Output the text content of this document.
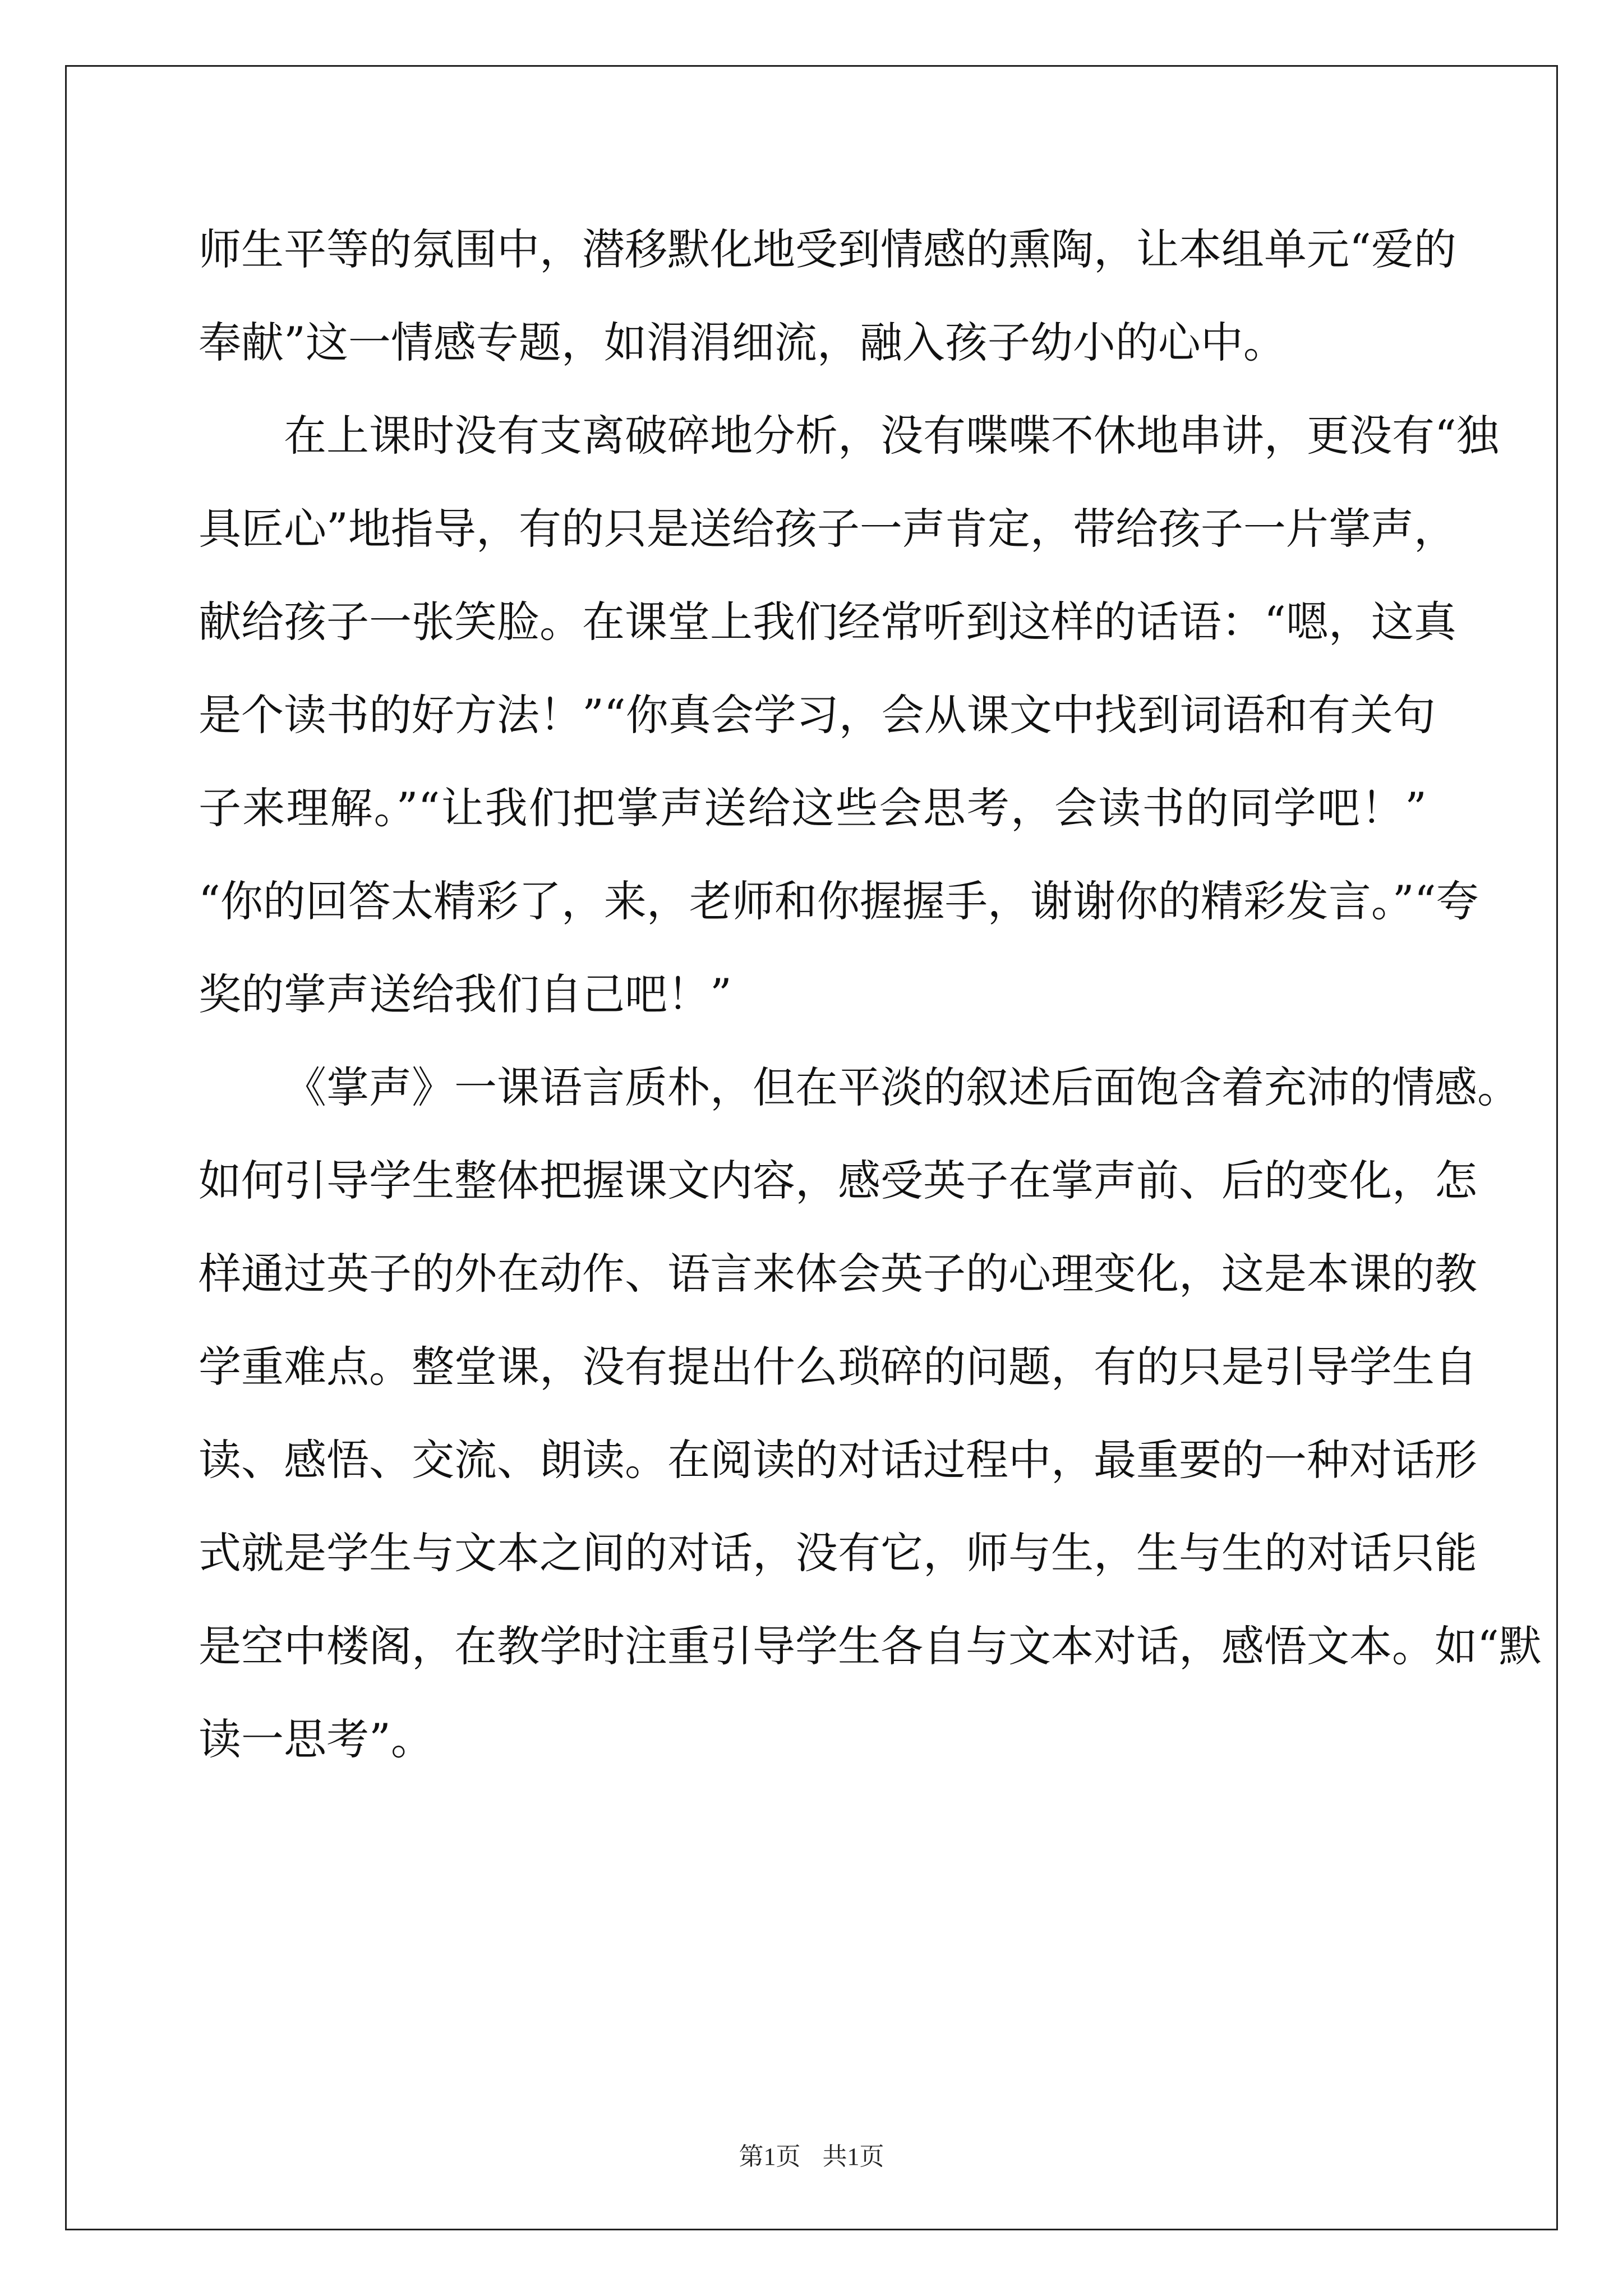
师生平等的氛围中，潜移默化地受到情感的熏陶，让本组单元“爱的
奉献”这一情感专题，如涓涓细流，融入孩子幼小的心中。
在上课时没有支离破碎地分析，没有喋喋不休地串讲，更没有“独
具匠心”地指导，有的只是送给孩子一声肯定，带给孩子一片掌声，
献给孩子一张笑脸。在课堂上我们经常听到这样的话语：“嗯，这真
是个读书的好方法！”“你真会学习，会从课文中找到词语和有关句
子来理解。”“让我们把掌声送给这些会思考，会读书的同学吧！”
“你的回答太精彩了，来，老师和你握握手，谢谢你的精彩发言。”“夸
奖的掌声送给我们自己吧！”
《掌声》一课语言质朴，但在平淡的叙述后面饱含着充沛的情感。
如何引导学生整体把握课文内容，感受英子在掌声前、后的变化，怎
样通过英子的外在动作、语言来体会英子的心理变化，这是本课的教
学重难点。整堂课，没有提出什么琐碎的问题，有的只是引导学生自
读、感悟、交流、朗读。在阅读的对话过程中，最重要的一种对话形
式就是学生与文本之间的对话，没有它，师与生，生与生的对话只能
是空中楼阁，在教学时注重引导学生各自与文本对话，感悟文本。如“默
读一思考”。
第1页 共1页
